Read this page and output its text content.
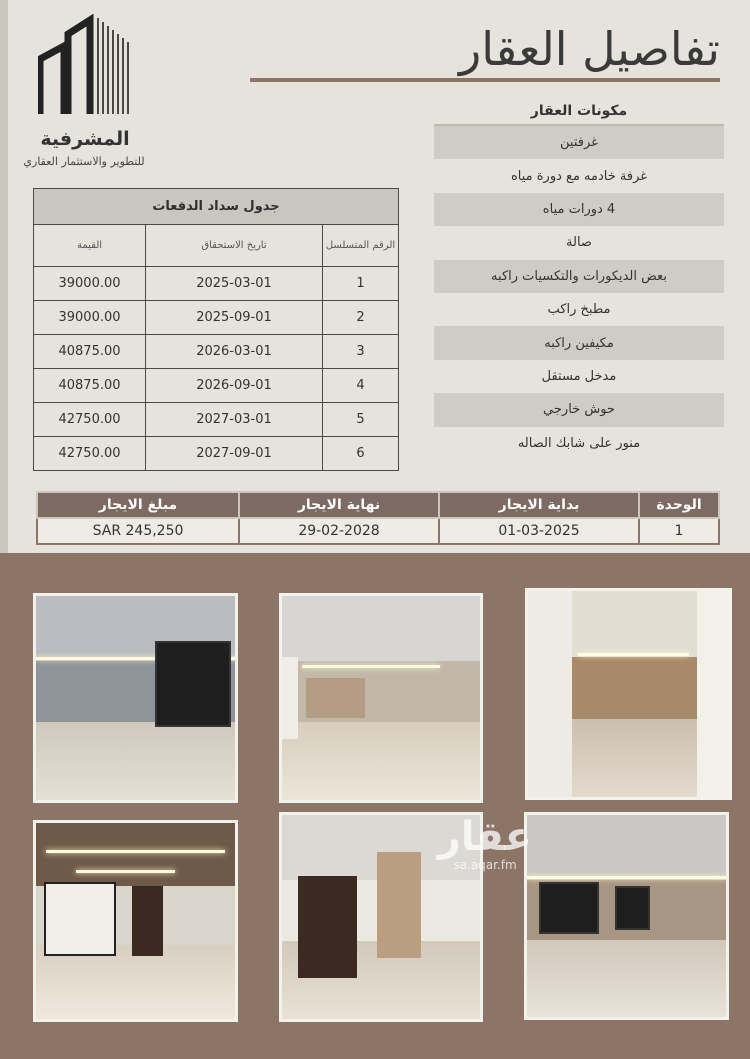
المشرفية
للتطوير والاستثمار العقاري
تفاصيل العقار
مكونات العقار
غرفتين
غرفة خادمه مع دورة مياه
4 دورات مياه
صالة
بعض الديكورات والتكسيات راكبه
مطبخ راكب
مكيفين راكبه
مدخل مستقل
حوش خارجي
منور على شابك الصاله
جدول سداد الدفعات		
الرقم المتسلسل	تاريخ الاستحقاق	القيمة
1	2025-03-01	39000.00
2	2025-09-01	39000.00
3	2026-03-01	40875.00
4	2026-09-01	40875.00
5	2027-03-01	42750.00
6	2027-09-01	42750.00
الوحدة	بداية الايجار	نهاية الايجار	مبلغ الايجار
1	01-03-2025	29-02-2028	245,250 SAR
عقار
sa.aqar.fm
